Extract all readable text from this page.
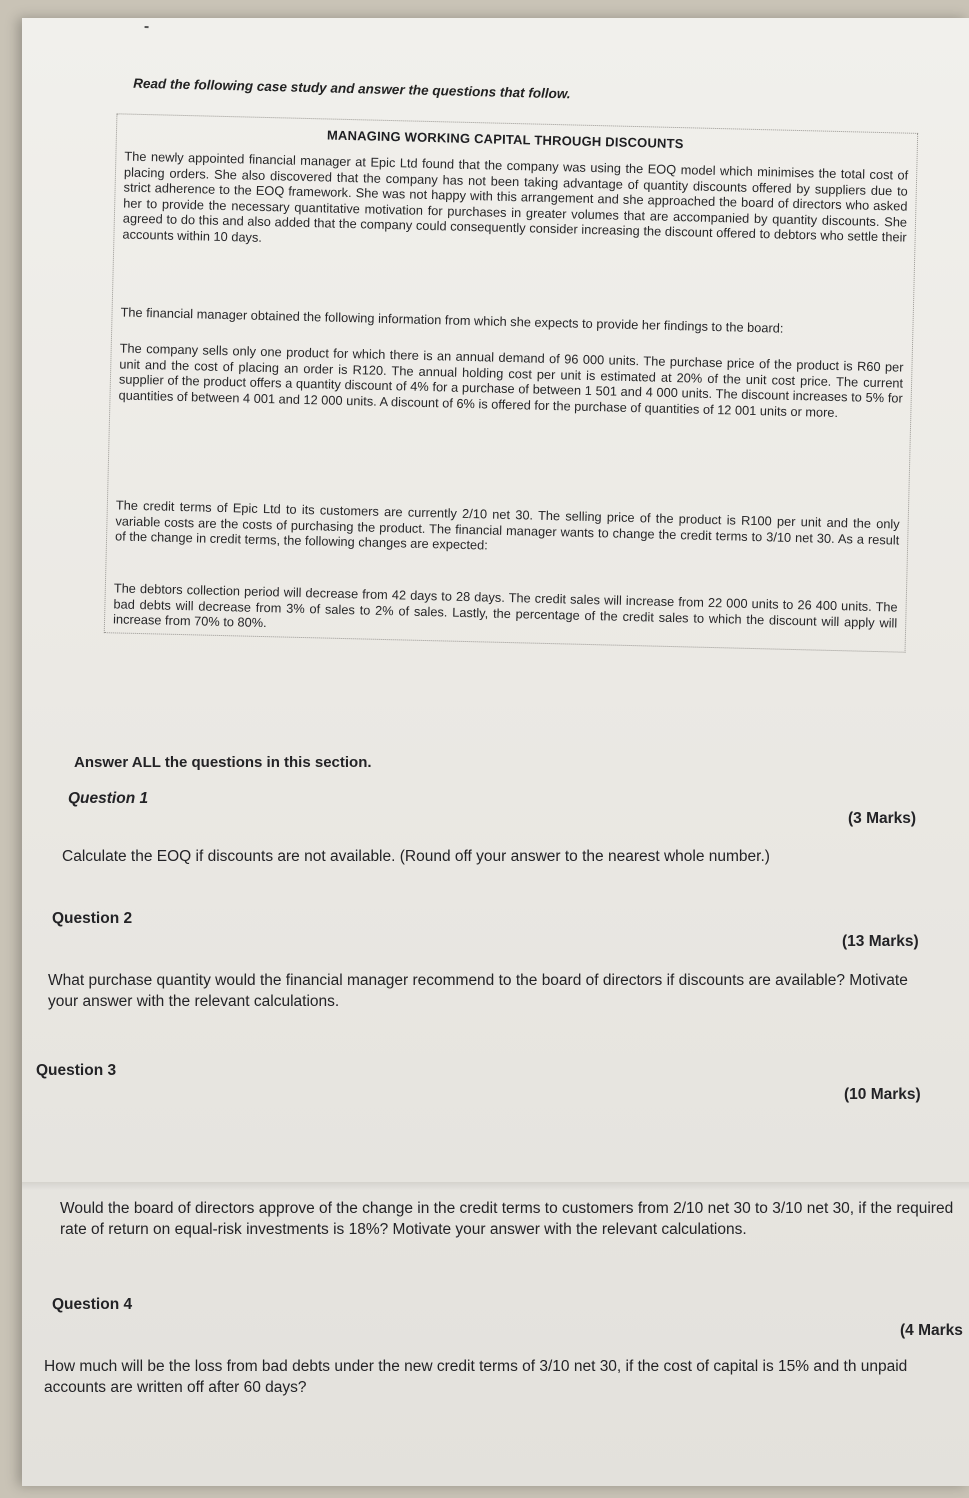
Read the following case study and answer the questions that follow.
MANAGING WORKING CAPITAL THROUGH DISCOUNTS
The newly appointed financial manager at Epic Ltd found that the company was using the EOQ model which minimises the total cost of placing orders. She also discovered that the company has not been taking advantage of quantity discounts offered by suppliers due to strict adherence to the EOQ framework. She was not happy with this arrangement and she approached the board of directors who asked her to provide the necessary quantitative motivation for purchases in greater volumes that are accompanied by quantity discounts. She agreed to do this and also added that the company could consequently consider increasing the discount offered to debtors who settle their accounts within 10 days.
The financial manager obtained the following information from which she expects to provide her findings to the board:
The company sells only one product for which there is an annual demand of 96 000 units. The purchase price of the product is R60 per unit and the cost of placing an order is R120. The annual holding cost per unit is estimated at 20% of the unit cost price. The current supplier of the product offers a quantity discount of 4% for a purchase of between 1 501 and 4 000 units. The discount increases to 5% for quantities of between 4 001 and 12 000 units. A discount of 6% is offered for the purchase of quantities of 12 001 units or more.
The credit terms of Epic Ltd to its customers are currently 2/10 net 30. The selling price of the product is R100 per unit and the only variable costs are the costs of purchasing the product. The financial manager wants to change the credit terms to 3/10 net 30. As a result of the change in credit terms, the following changes are expected:
The debtors collection period will decrease from 42 days to 28 days. The credit sales will increase from 22 000 units to 26 400 units. The bad debts will decrease from 3% of sales to 2% of sales. Lastly, the percentage of the credit sales to which the discount will apply will increase from 70% to 80%.
Answer ALL the questions in this section.
Question 1
(3 Marks)
Calculate the EOQ if discounts are not available. (Round off your answer to the nearest whole number.)
Question 2
(13 Marks)
What purchase quantity would the financial manager recommend to the board of directors if discounts are available? Motivate your answer with the relevant calculations.
Question 3
(10 Marks)
Would the board of directors approve of the change in the credit terms to customers from 2/10 net 30 to 3/10 net 30, if the required rate of return on equal-risk investments is 18%? Motivate your answer with the relevant calculations.
Question 4
(4 Marks
How much will be the loss from bad debts under the new credit terms of 3/10 net 30, if the cost of capital is 15% and th unpaid accounts are written off after 60 days?
